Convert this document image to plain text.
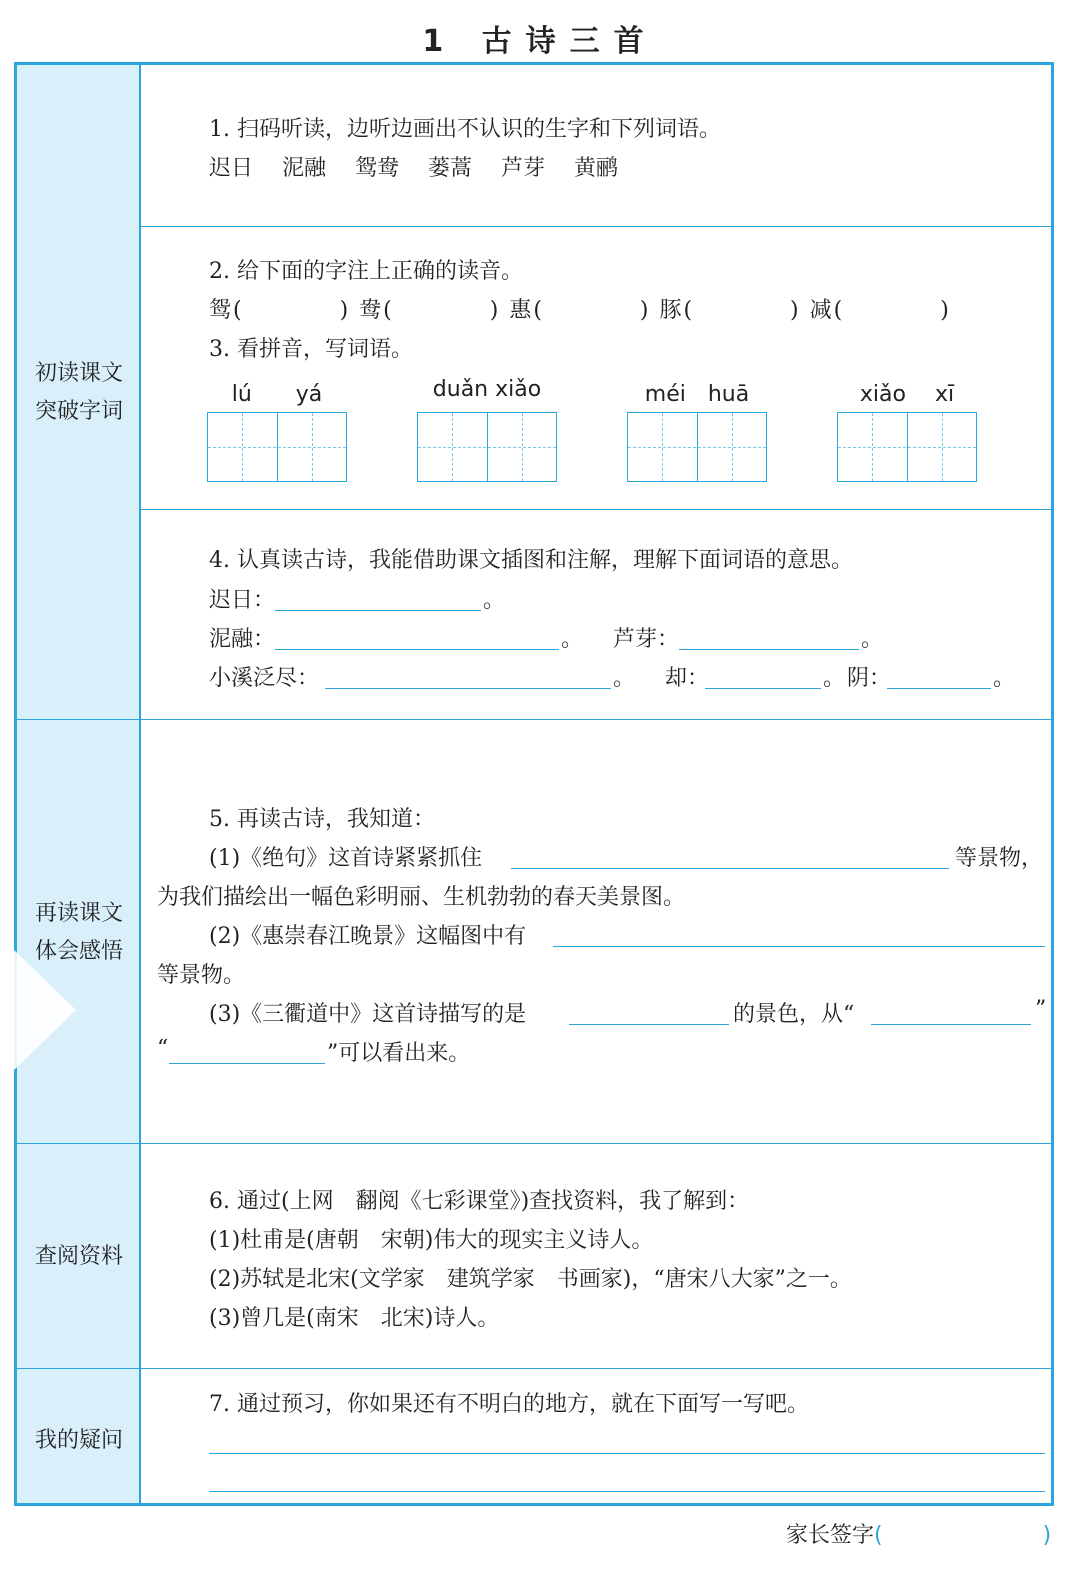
1 古诗三首
初读课文
突破字词
再读课文
体会感悟
查阅资料
我的疑问
1. 扫码听读，边听边画出不认识的生字和下列词语。
迟日　 泥融　 鸳鸯　 蒌蒿　 芦芽　 黄鹂
2. 给下面的字注上正确的读音。
鸳(　　　　) 鸯(　　　　) 惠(　　　　) 豚(　　　　) 减(　　　　)
3. 看拼音，写词语。
lú　　yá	duǎn xiǎo	méi　huā	xiǎo　 xī
4. 认真读古诗，我能借助课文插图和注解，理解下面词语的意思。
迟日：	。
泥融：	。 芦芽：	。
小溪泛尽：	。 却：	。 阴：	。
5. 再读古诗，我知道：
(1)《绝句》这首诗紧紧抓住	等景物，
为我们描绘出一幅色彩明丽、生机勃勃的春天美景图。
(2)《惠崇春江晚景》这幅图中有
等景物。
(3)《三衢道中》这首诗描写的是	的景色，从“	”
“	”可以看出来。
6. 通过(上网　翻阅《七彩课堂》)查找资料，我了解到：
(1)杜甫是(唐朝　宋朝)伟大的现实主义诗人。
(2)苏轼是北宋(文学家　建筑学家　书画家)，“唐宋八大家”之一。
(3)曾几是(南宋　北宋)诗人。
7. 通过预习，你如果还有不明白的地方，就在下面写一写吧。
家长签字(	)
